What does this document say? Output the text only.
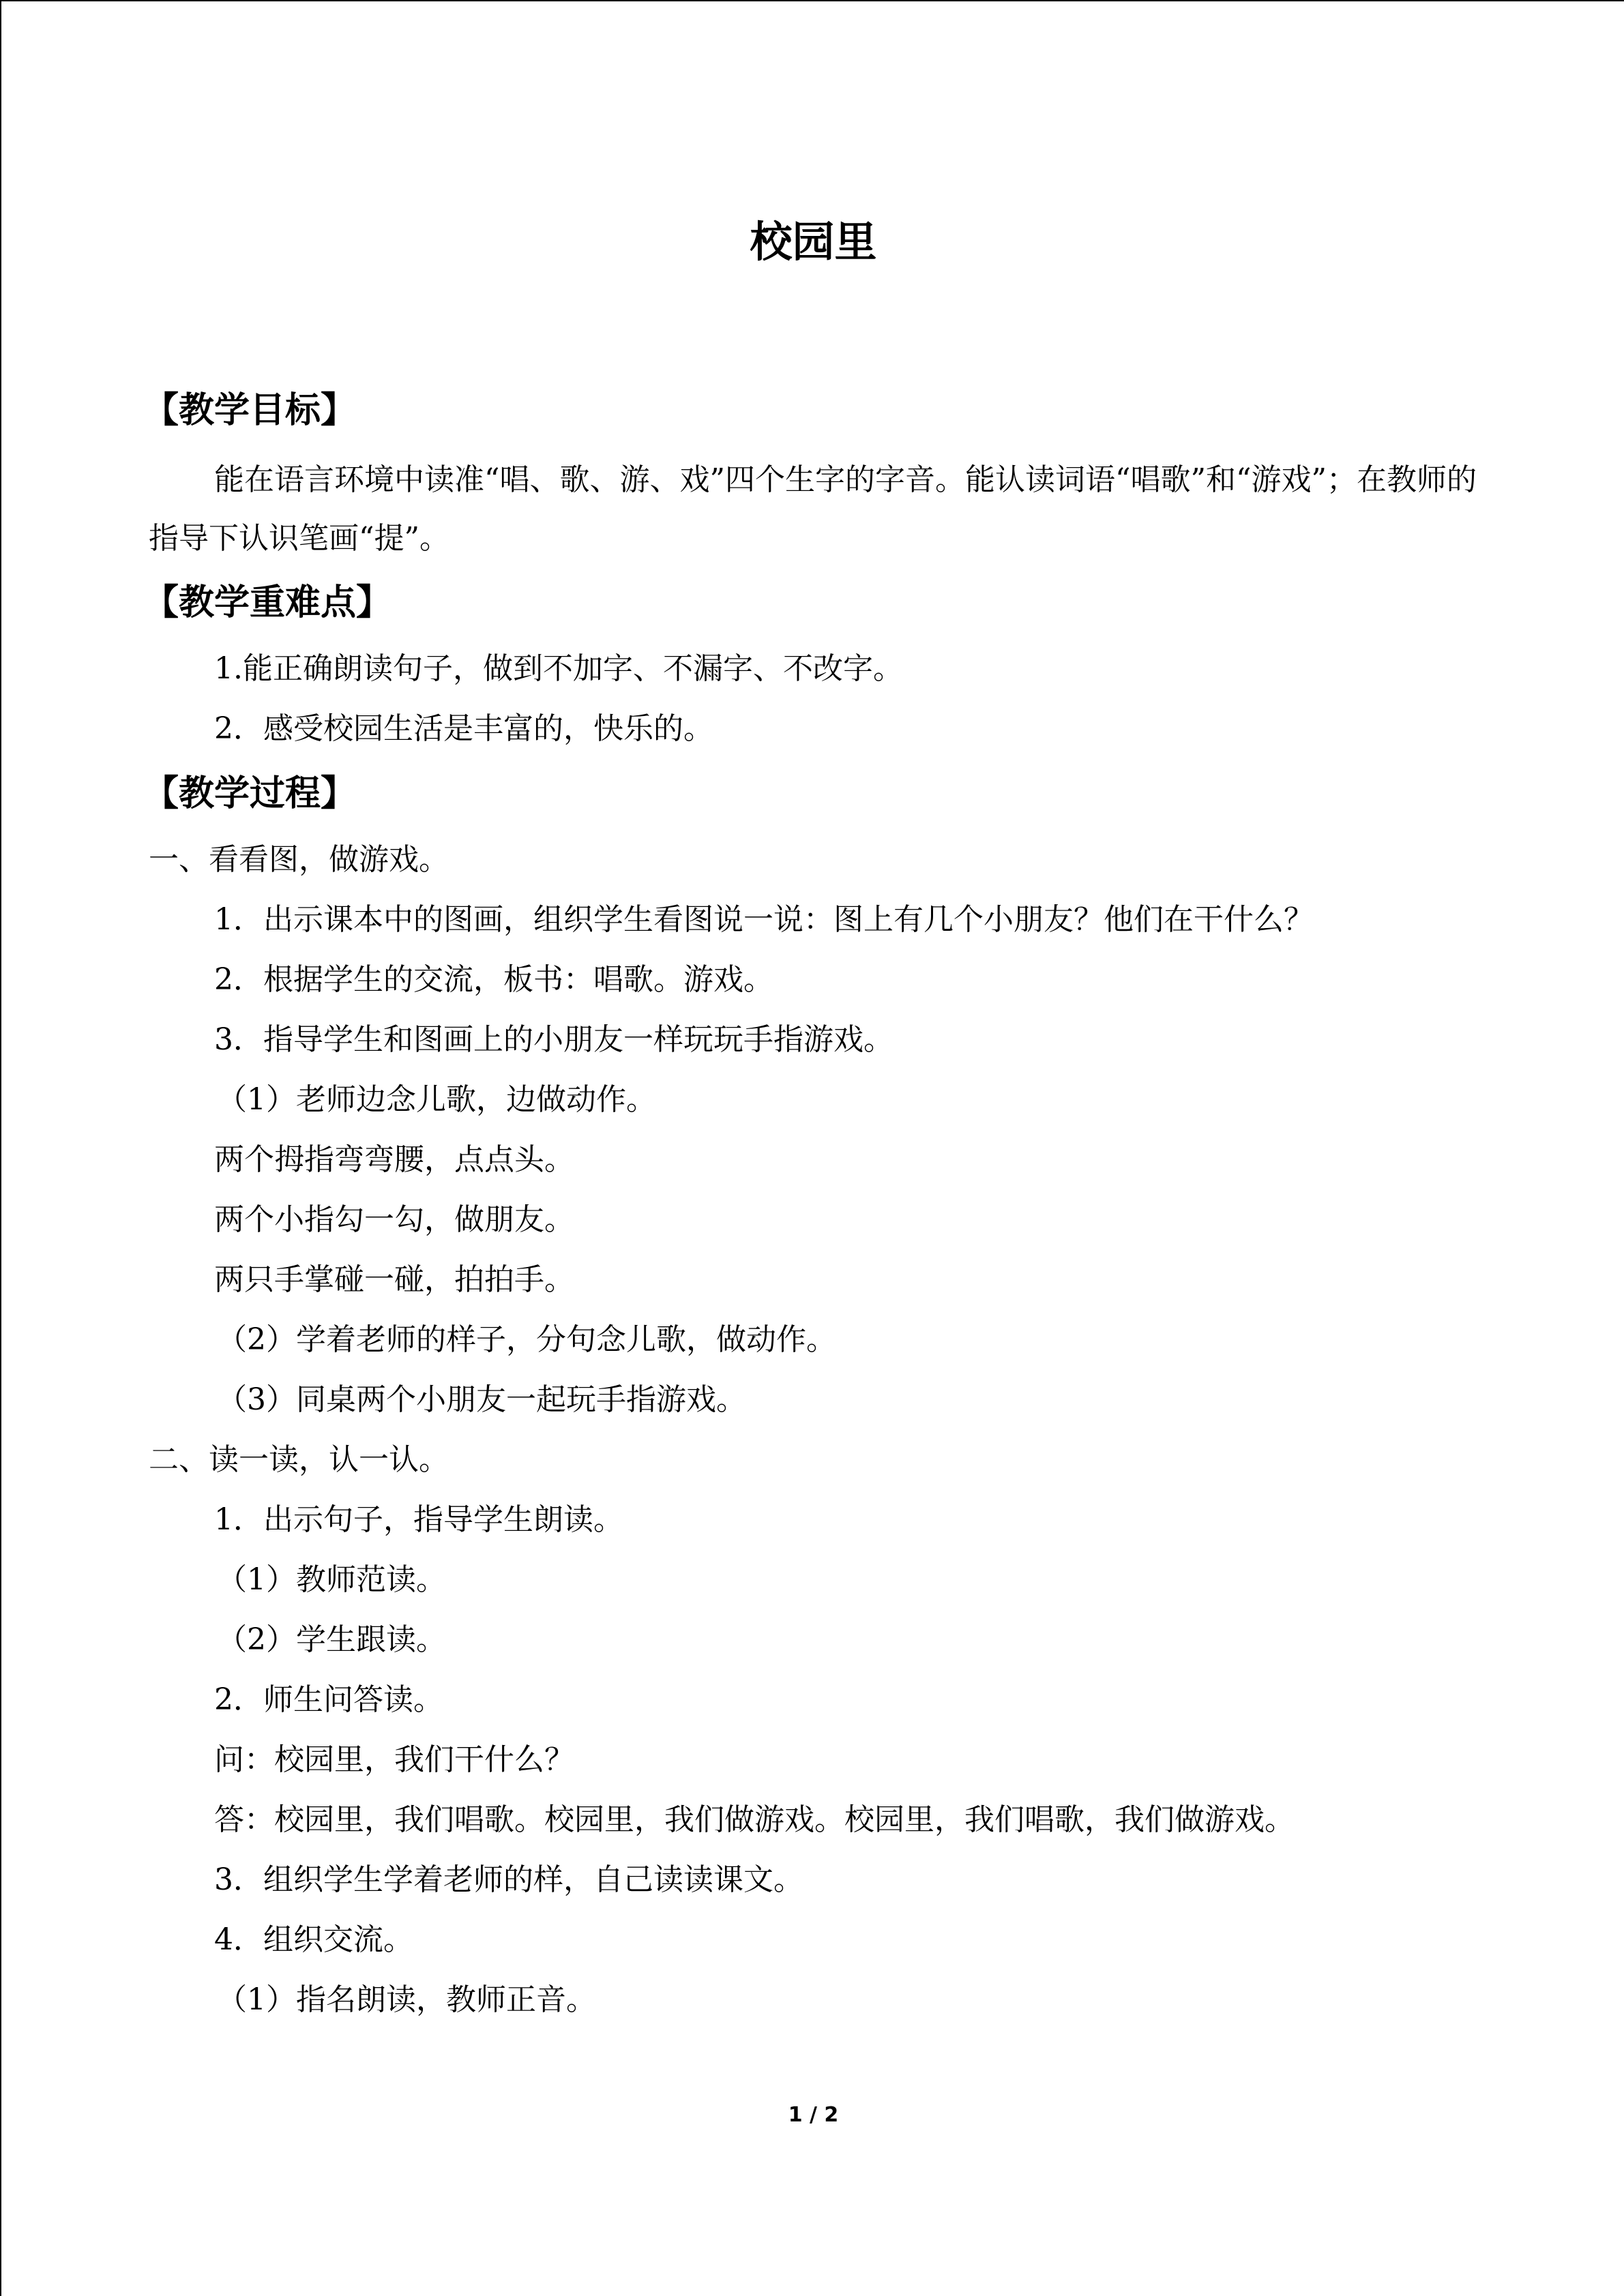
校园里
【教学目标】
能在语言环境中读准“唱、歌、游、戏”四个生字的字音。能认读词语“唱歌”和“游戏”；在教师的指导下认识笔画“提”。
【教学重难点】
1.能正确朗读句子，做到不加字、不漏字、不改字。
2．感受校园生活是丰富的，快乐的。
【教学过程】
一、看看图，做游戏。
1．出示课本中的图画，组织学生看图说一说：图上有几个小朋友？他们在干什么？
2．根据学生的交流，板书：唱歌。游戏。
3．指导学生和图画上的小朋友一样玩玩手指游戏。
（1）老师边念儿歌，边做动作。
两个拇指弯弯腰，点点头。
两个小指勾一勾，做朋友。
两只手掌碰一碰，拍拍手。
（2）学着老师的样子，分句念儿歌，做动作。
（3）同桌两个小朋友一起玩手指游戏。
二、读一读，认一认。
1．出示句子，指导学生朗读。
（1）教师范读。
（2）学生跟读。
2．师生问答读。
问：校园里，我们干什么？
答：校园里，我们唱歌。校园里，我们做游戏。校园里，我们唱歌，我们做游戏。
3．组织学生学着老师的样，自己读读课文。
4．组织交流。
（1）指名朗读，教师正音。
1 / 2
